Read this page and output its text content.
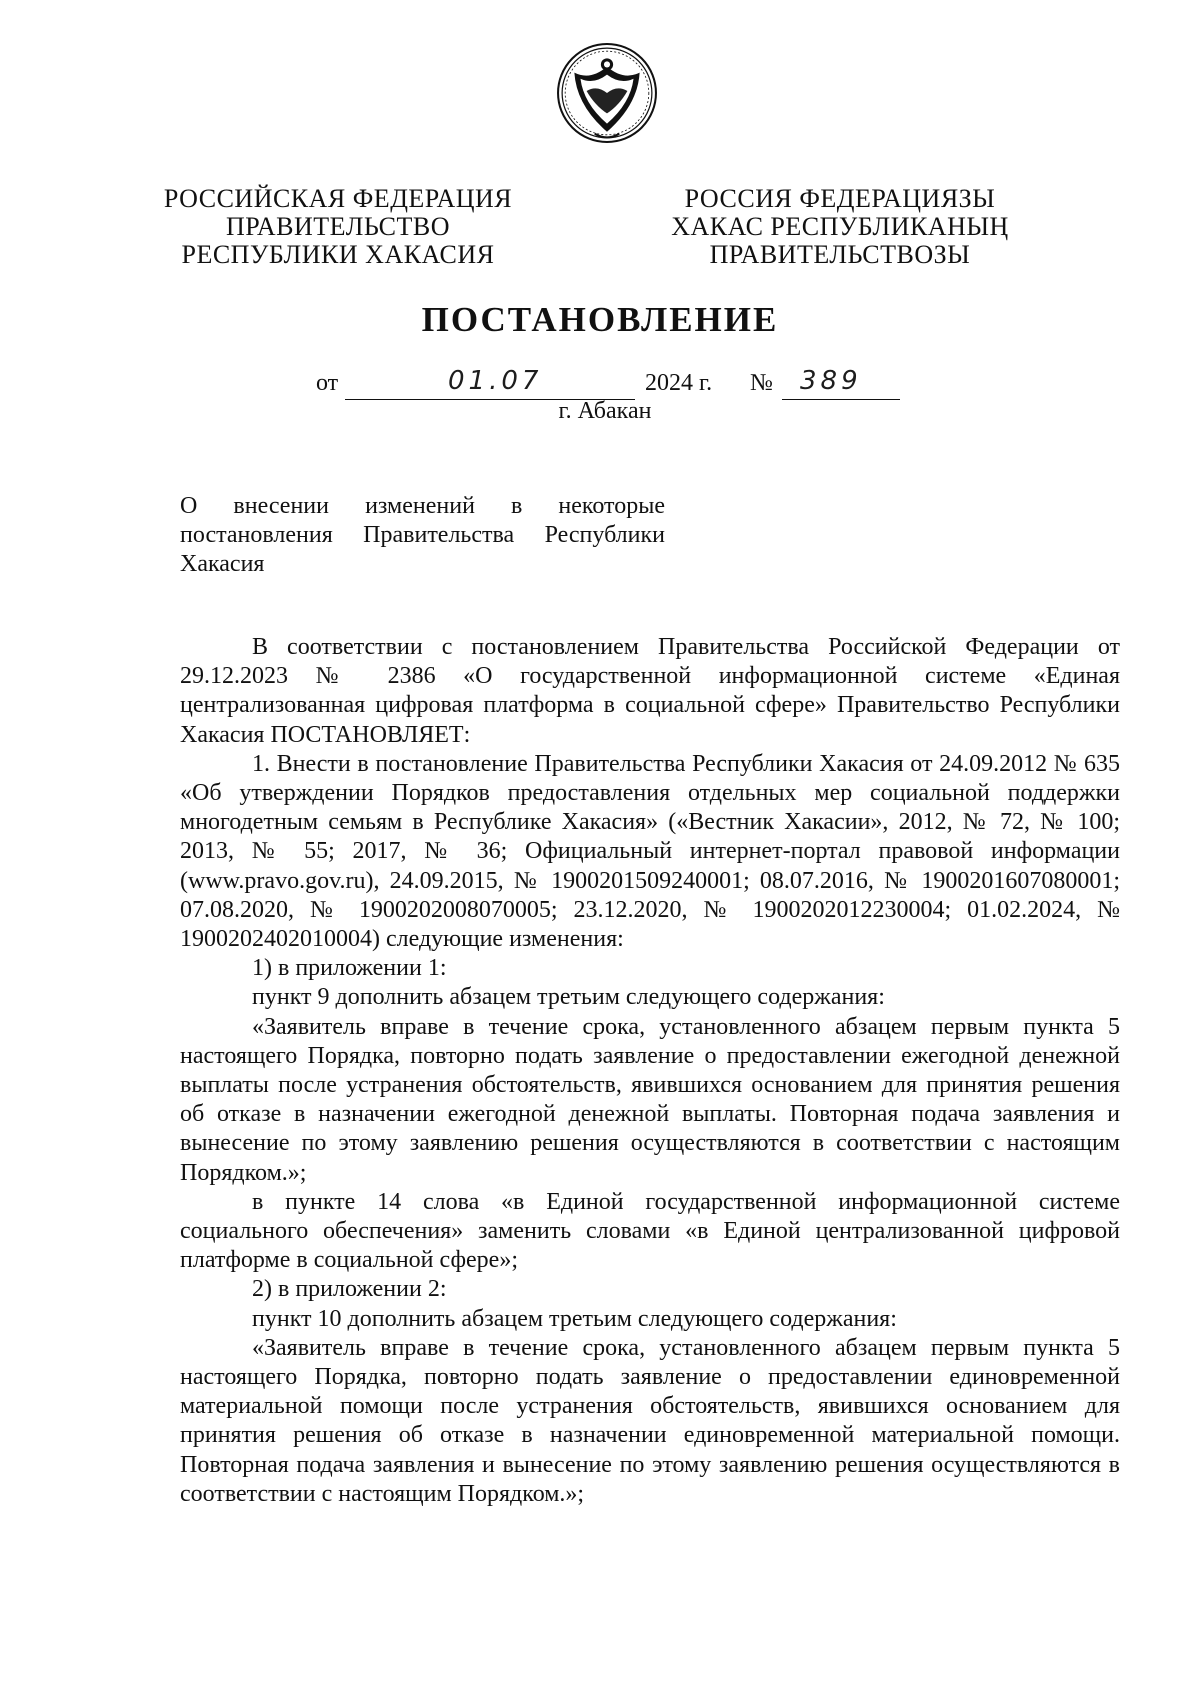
РОССИЙСКАЯ ФЕДЕРАЦИЯ
ПРАВИТЕЛЬСТВО
РЕСПУБЛИКИ ХАКАСИЯ
РОССИЯ ФЕДЕРАЦИЯЗЫ
ХАКАС РЕСПУБЛИКАНЫҢ
ПРАВИТЕЛЬСТВОЗЫ
ПОСТАНОВЛЕНИЕ
от	01.07	2024 г. № 389
г. Абакан

О внесении изменений в некоторые

постановления Правительства Республики

Хакасия

В соответствии с постановлением Правительства Российской Федерации от 29.12.2023 № 2386 «О государственной информационной системе «Единая централизованная цифровая платформа в социальной сфере» Правительство Республики Хакасия ПОСТАНОВЛЯЕТ:

1. Внести в постановление Правительства Республики Хакасия от 24.09.2012 № 635 «Об утверждении Порядков предоставления отдельных мер социальной поддержки многодетным семьям в Республике Хакасия» («Вестник Хакасии», 2012, № 72, № 100; 2013, № 55; 2017, № 36; Официальный интернет-портал правовой информации (www.pravo.gov.ru), 24.09.2015, № 1900201509240001; 08.07.2016, № 1900201607080001; 07.08.2020, № 1900202008070005; 23.12.2020, № 1900202012230004; 01.02.2024, № 1900202402010004) следующие изменения:

1) в приложении 1:

пункт 9 дополнить абзацем третьим следующего содержания:

«Заявитель вправе в течение срока, установленного абзацем первым пункта 5 настоящего Порядка, повторно подать заявление о предоставлении ежегодной денежной выплаты после устранения обстоятельств, явившихся основанием для принятия решения об отказе в назначении ежегодной денежной выплаты. Повторная подача заявления и вынесение по этому заявлению решения осуществляются в соответствии с настоящим Порядком.»;

в пункте 14 слова «в Единой государственной информационной системе социального обеспечения» заменить словами «в Единой централизованной цифровой платформе в социальной сфере»;

2) в приложении 2:

пункт 10 дополнить абзацем третьим следующего содержания:

«Заявитель вправе в течение срока, установленного абзацем первым пункта 5 настоящего Порядка, повторно подать заявление о предоставлении единовременной материальной помощи после устранения обстоятельств, явившихся основанием для принятия решения об отказе в назначении единовременной материальной помощи. Повторная подача заявления и вынесение по этому заявлению решения осуществляются в соответствии с настоящим Порядком.»;
